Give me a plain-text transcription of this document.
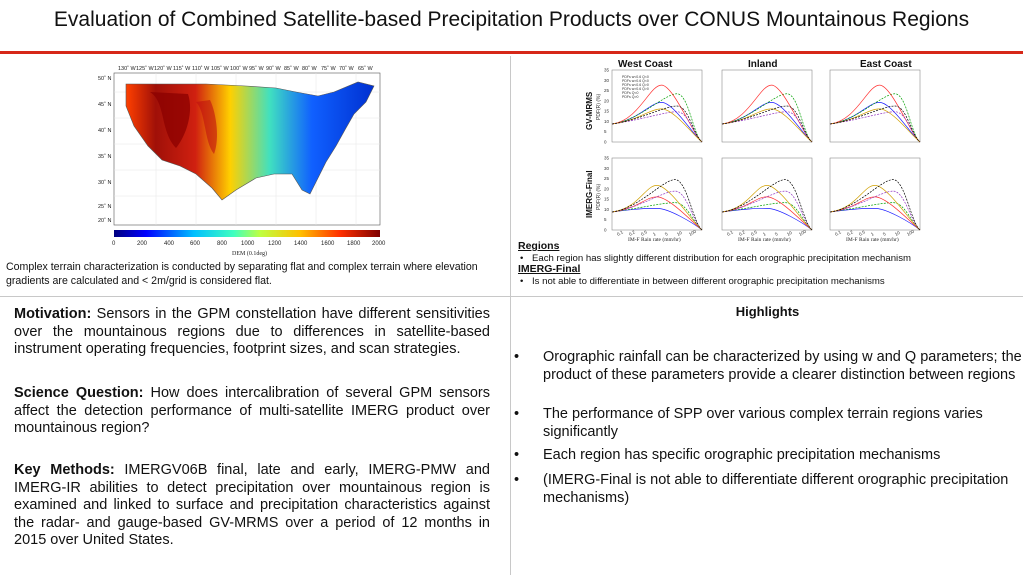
Evaluation of Combined Satellite-based Precipitation Products over CONUS Mountainous Regions
130˚ W 125˚ W 120˚ W 115˚ W 110˚ W 105˚ W 100˚ W 95˚ W 90˚ W 85˚ W 80˚ W 75˚ W 70˚ W 65˚ W
50˚ N
45˚ N
40˚ N
35˚ N
30˚ N
25˚ N
20˚ N
0	200	400	600	800 1000 1200 1400 1600 1800 2000
DEM (0.1deg)
Complex terrain characterization is conducted by separating flat and complex terrain where elevation gradients are calculated and < 2m/grid is considered flat.
West Coast	Inland	East Coast
GV-MRMS
IMERG-Final
PDF(R) (%)
PDF(R) (%)
0
5
10
15
20
25
30
35
0
5
10
15
20
25
30
35
0.1 0.2 0.5 1 5 10 100	0.1 0.2 0.5 1 5 10 100	0.1 0.2 0.5 1 5 10 100
IM-F Rain rate (mm/hr)	IM-F Rain rate (mm/hr)	IM-F Rain rate (mm/hr)
PDFs w<0.6 Q<0
PDFs w>0.6 Q<0
PDFs w<0.6 Q>0
PDFs w>0.6 Q>0
PDFs Q<0
PDFs Q>0
Regions
• Each region has slightly different distribution for each orographic precipitation mechanism
IMERG-Final
• Is not able to differentiate in between different orographic precipitation mechanisms
Motivation: Sensors in the GPM constellation have different sensitivities over the mountainous regions due to differences in satellite-based instrument operating frequencies, footprint sizes, and scan strategies.
Science Question: How does intercalibration of several GPM sensors affect the detection performance of multi-satellite IMERG product over mountainous region?
Key Methods: IMERGV06B final, late and early, IMERG-PMW and IMERG-IR abilities to detect precipitation over mountainous region is examined and linked to surface and precipitation characteristics against the radar- and gauge-based GV-MRMS over a period of 12 months in 2015 over United States.
Highlights
• Orographic rainfall can be characterized by using w and Q parameters; the product of these parameters provide a clearer distinction between regions
• The performance of SPP over various complex terrain regions varies significantly
• Each region has specific orographic precipitation mechanisms
• (IMERG-Final is not able to differentiate different orographic precipitation mechanisms)
